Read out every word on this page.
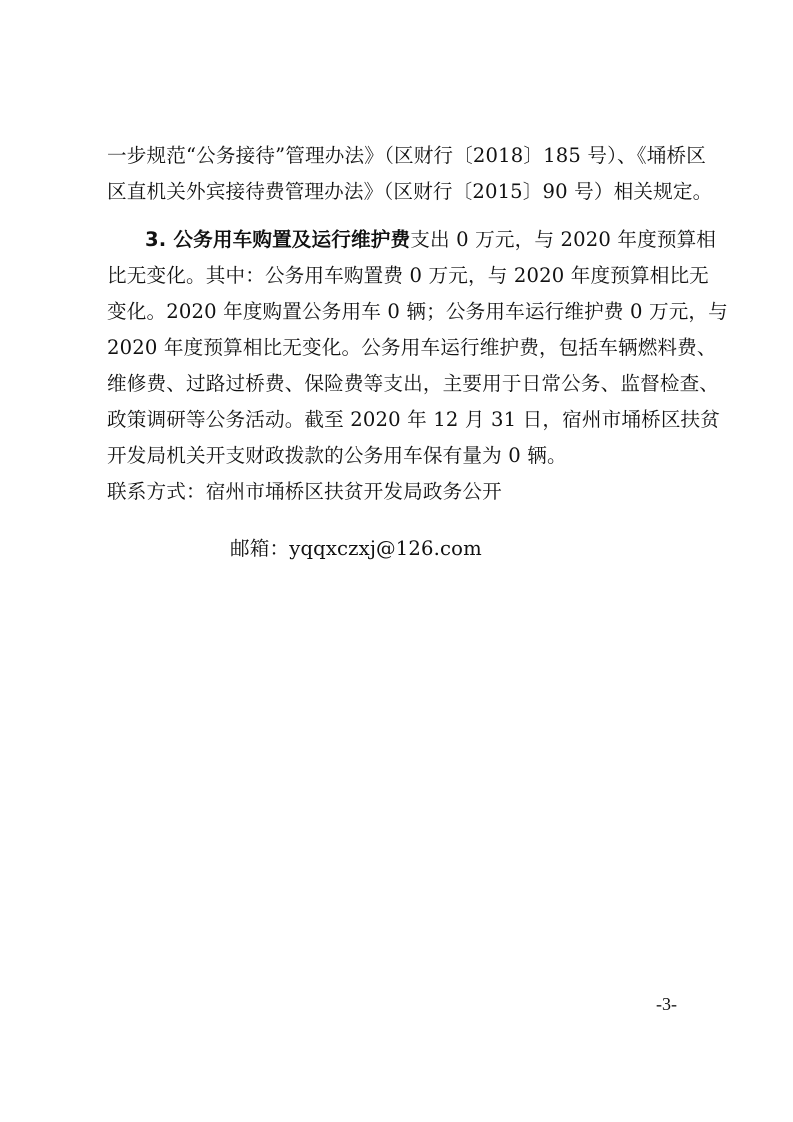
一步规范“公务接待”管理办法》（区财行〔2018〕185 号）、《埇桥区
区直机关外宾接待费管理办法》（区财行〔2015〕90 号）相关规定。
3. 公务用车购置及运行维护费支出 0 万元，与 2020 年度预算相
比无变化。其中：公务用车购置费 0 万元，与 2020 年度预算相比无
变化。2020 年度购置公务用车 0 辆；公务用车运行维护费 0 万元，与
2020 年度预算相比无变化。公务用车运行维护费，包括车辆燃料费、
维修费、过路过桥费、保险费等支出，主要用于日常公务、监督检查、
政策调研等公务活动。截至 2020 年 12 月 31 日，宿州市埇桥区扶贫
开发局机关开支财政拨款的公务用车保有量为 0 辆。
联系方式：宿州市埇桥区扶贫开发局政务公开
邮箱：yqqxczxj@126.com
-3-
